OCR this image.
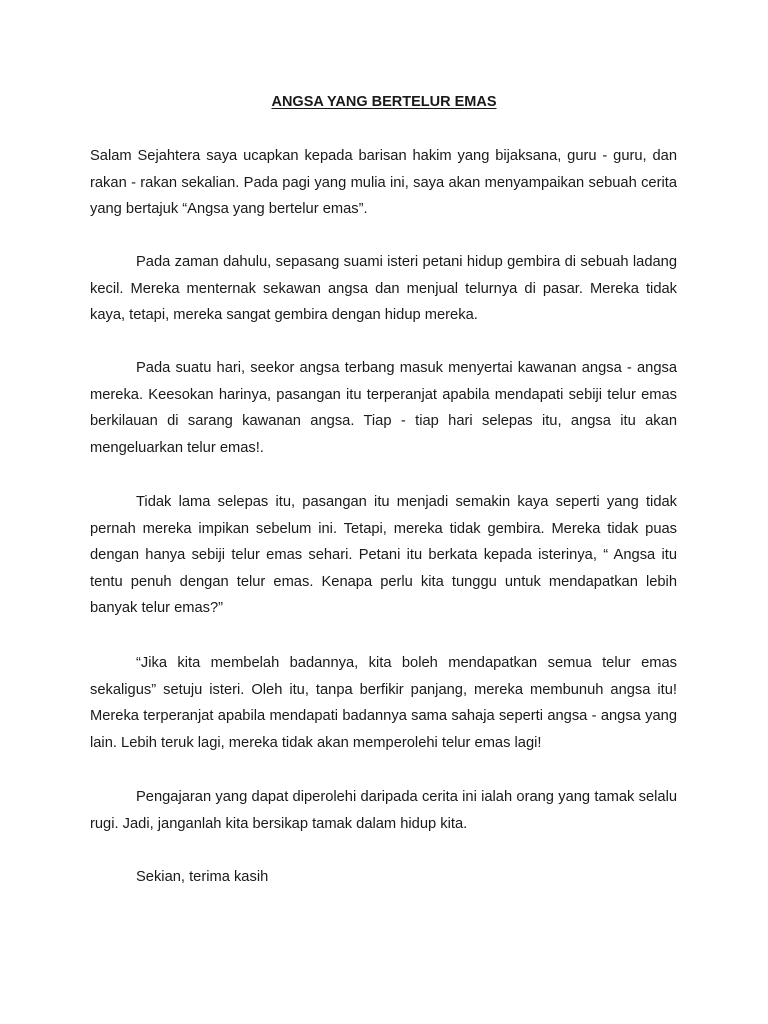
ANGSA YANG BERTELUR EMAS

Salam Sejahtera saya ucapkan kepada barisan hakim yang bijaksana, guru - guru, dan rakan - rakan sekalian. Pada pagi yang mulia ini, saya akan menyampaikan sebuah cerita yang bertajuk “Angsa yang bertelur emas”.

Pada zaman dahulu, sepasang suami isteri petani hidup gembira di sebuah ladang kecil. Mereka menternak sekawan angsa dan menjual telurnya di pasar. Mereka tidak kaya, tetapi, mereka sangat gembira dengan hidup mereka.

Pada suatu hari, seekor angsa terbang masuk menyertai kawanan angsa - angsa mereka. Keesokan harinya, pasangan itu terperanjat apabila mendapati sebiji telur emas berkilauan di sarang kawanan angsa. Tiap - tiap hari selepas itu, angsa itu akan mengeluarkan telur emas!.

Tidak lama selepas itu, pasangan itu menjadi semakin kaya seperti yang tidak pernah mereka impikan sebelum ini. Tetapi, mereka tidak gembira. Mereka tidak puas dengan hanya sebiji telur emas sehari. Petani itu berkata kepada isterinya, “ Angsa itu tentu penuh dengan telur emas. Kenapa perlu kita tunggu untuk mendapatkan lebih banyak telur emas?”

“Jika kita membelah badannya, kita boleh mendapatkan semua telur emas sekaligus” setuju isteri. Oleh itu, tanpa berfikir panjang, mereka membunuh angsa itu! Mereka terperanjat apabila mendapati badannya sama sahaja seperti angsa - angsa yang lain. Lebih teruk lagi, mereka tidak akan memperolehi telur emas lagi!

Pengajaran yang dapat diperolehi daripada cerita ini ialah orang yang tamak selalu rugi. Jadi, janganlah kita bersikap tamak dalam hidup kita.

Sekian, terima kasih
